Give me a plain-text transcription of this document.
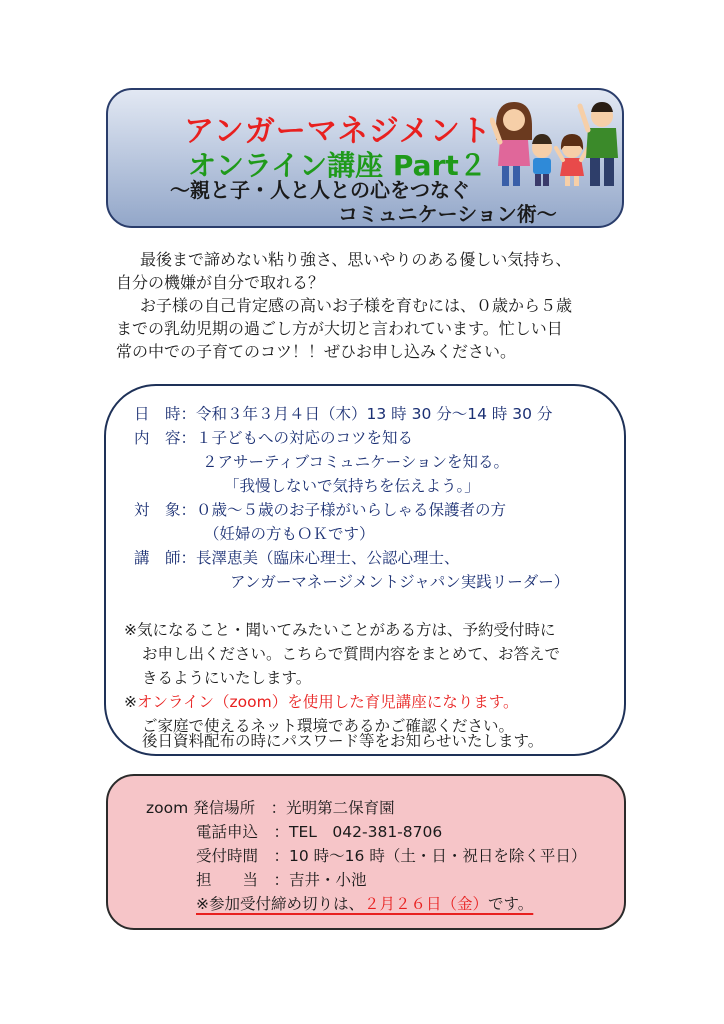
アンガーマネジメント
オンライン講座 Part２
～親と子・人と人との心をつなぐ
コミュニケーション術～

　最後まで諦めない粘り強さ、思いやりのある優しい気持ち、

自分の機嫌が自分で取れる？

　お子様の自己肯定感の高いお子様を育むには、０歳から５歳

までの乳幼児期の過ごし方が大切と言われています。忙しい日

常の中での子育てのコツ！！ぜひお申し込みください。

日　時：令和３年３月４日（木）13 時 30 分～14 時 30 分
内　容：１子どもへの対応のコツを知る
２アサーティブコミュニケーションを知る。
「我慢しないで気持ちを伝えよう。」
対　象：０歳～５歳のお子様がいらしゃる保護者の方
（妊婦の方もＯＫです）
講　師：長澤恵美（臨床心理士、公認心理士、
アンガーマネージメントジャパン実践リーダー）
※気になること・聞いてみたいことがある方は、予約受付時に
お申し出ください。こちらで質問内容をまとめて、お答えで
きるようにいたします。
※オンライン（zoom）を使用した育児講座になります。
ご家庭で使えるネット環境であるかご確認ください。
後日資料配布の時にパスワード等をお知らせいたします。
zoom 発信場所　：光明第二保育園
電話申込　：TEL　042-381-8706
受付時間　：10 時～16 時（土・日・祝日を除く平日）
担　　当　：吉井・小池
※参加受付締め切りは、２月２６日（金）です。
